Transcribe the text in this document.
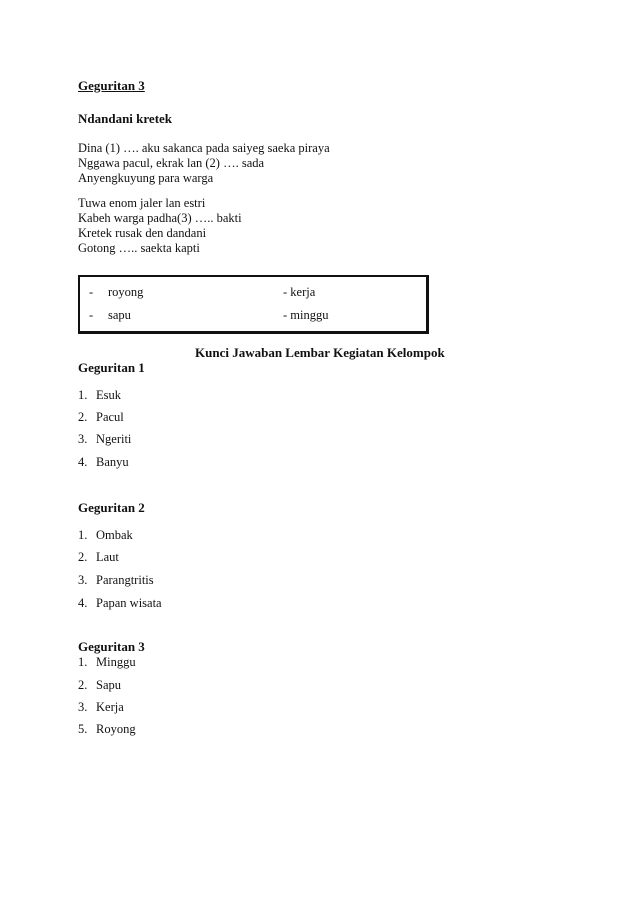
Geguritan 3
Ndandani kretek
Dina (1) …. aku sakanca pada saiyeg saeka piraya
Nggawa pacul, ekrak lan (2) …. sada
Anyengkuyung para warga
Tuwa enom jaler lan estri
Kabeh warga padha(3) ….. bakti
Kretek rusak den dandani
Gotong ….. saekta kapti
- royong	- kerja
- sapu	- minggu
Kunci Jawaban Lembar Kegiatan Kelompok
Geguritan 1
1. Esuk
2. Pacul
3. Ngeriti
4. Banyu
Geguritan 2
1. Ombak
2. Laut
3. Parangtritis
4. Papan wisata
Geguritan 3
1. Minggu
2. Sapu
3. Kerja
5. Royong
